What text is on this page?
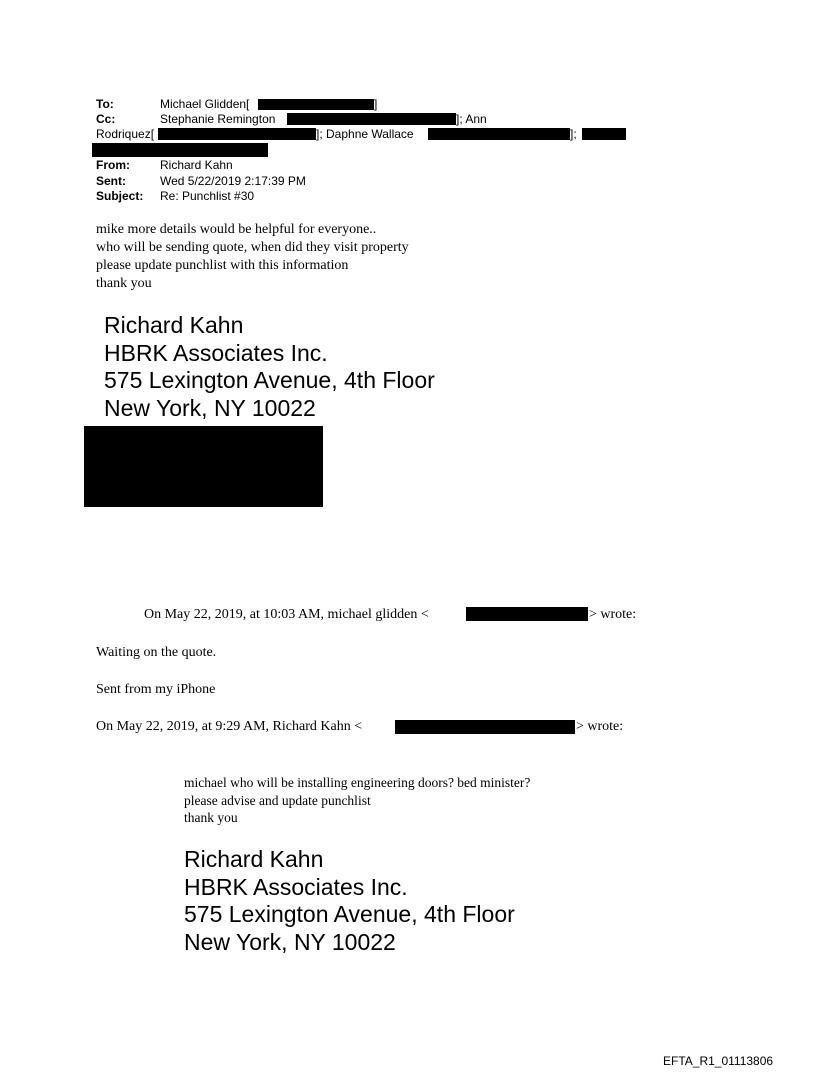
To:	Michael Glidden[	]
Cc:	Stephanie Remington	]; Ann
Rodriquez[	]; Daphne Wallace	];
From:	Richard Kahn
Sent:	Wed 5/22/2019 2:17:39 PM
Subject: Re: Punchlist #30
mike more details would be helpful for everyone..
who will be sending quote, when did they visit property
please update punchlist with this information
thank you
Richard Kahn
HBRK Associates Inc.
575 Lexington Avenue, 4th Floor
New York, NY 10022
On May 22, 2019, at 10:03 AM, michael glidden <	> wrote:
Waiting on the quote.
Sent from my iPhone
On May 22, 2019, at 9:29 AM, Richard Kahn <	> wrote:
michael who will be installing engineering doors? bed minister?
please advise and update punchlist
thank you
Richard Kahn
HBRK Associates Inc.
575 Lexington Avenue, 4th Floor
New York, NY 10022
EFTA_R1_01113806
